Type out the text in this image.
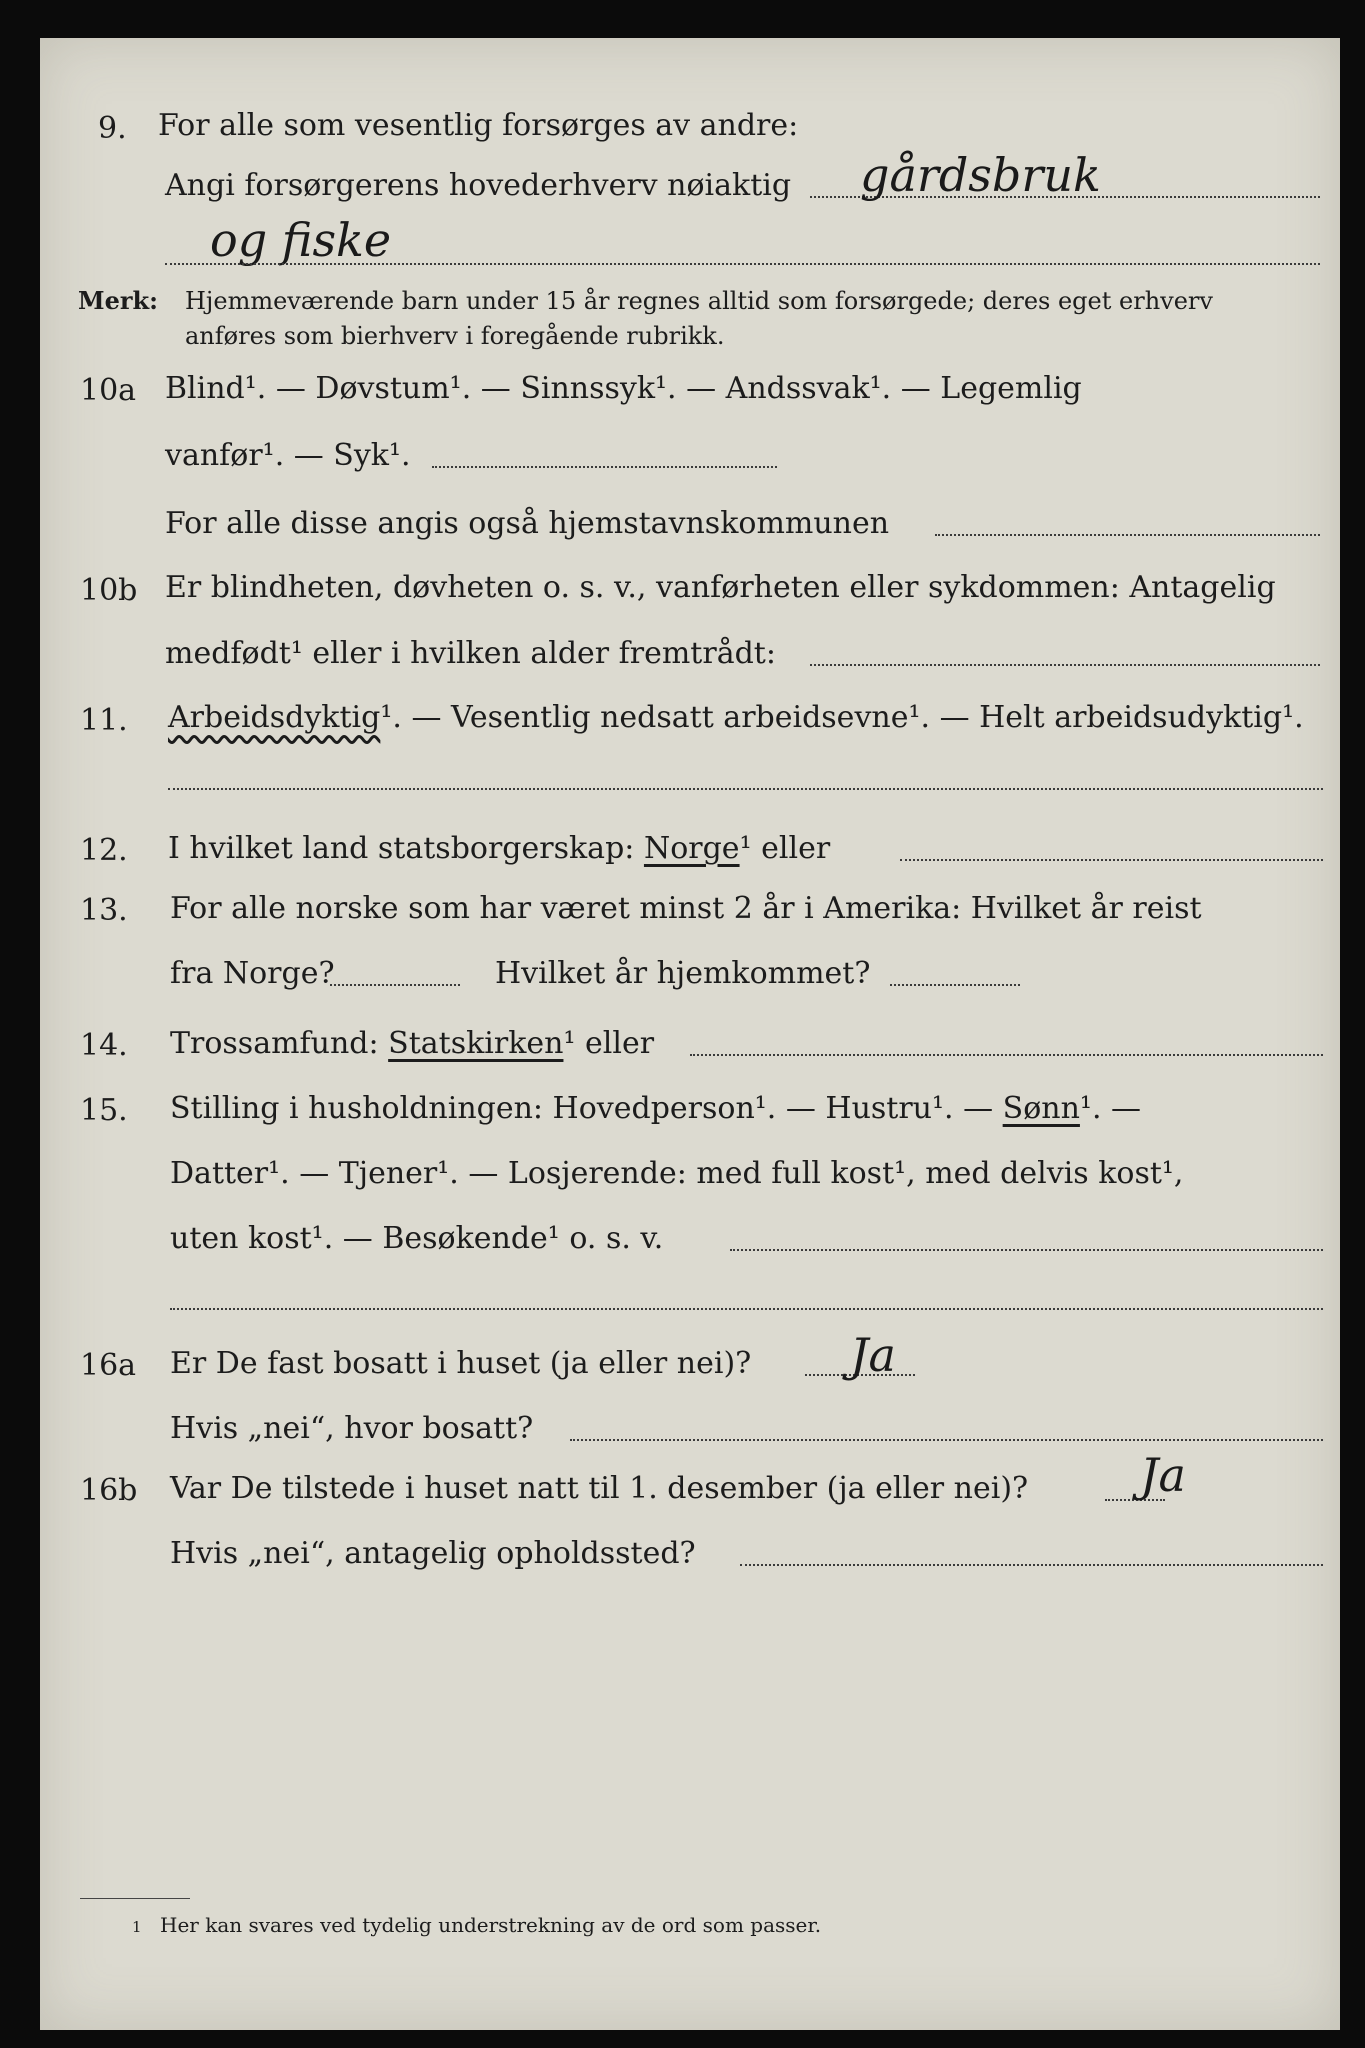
9. For alle som vesentlig forsørges av andre:
Angi forsørgerens hovederhverv nøiaktig gårdsbruk
og fiske
Merk: Hjemmeværende barn under 15 år regnes alltid som forsørgede; deres eget erhverv
anføres som bierhverv i foregående rubrikk.
10a Blind¹. — Døvstum¹. — Sinnssyk¹. — Andssvak¹. — Legemlig
vanfør¹. — Syk¹.
For alle disse angis også hjemstavnskommunen
10b Er blindheten, døvheten o. s. v., vanførheten eller sykdommen: Antagelig
medfødt¹ eller i hvilken alder fremtrådt:
11. Arbeidsdyktig¹. — Vesentlig nedsatt arbeidsevne¹. — Helt arbeidsudyktig¹.
12. I hvilket land statsborgerskap: Norge¹ eller
13. For alle norske som har været minst 2 år i Amerika: Hvilket år reist
fra Norge?	Hvilket år hjemkommet?
14. Trossamfund: Statskirken¹ eller
15. Stilling i husholdningen: Hovedperson¹. — Hustru¹. — Sønn¹. —
Datter¹. — Tjener¹. — Losjerende: med full kost¹, med delvis kost¹,
uten kost¹. — Besøkende¹ o. s. v.
16a Er De fast bosatt i huset (ja eller nei)? Ja
Hvis „nei“, hvor bosatt?
16b Var De tilstede i huset natt til 1. desember (ja eller nei)? Ja
Hvis „nei“, antagelig opholdssted?
1 Her kan svares ved tydelig understrekning av de ord som passer.
